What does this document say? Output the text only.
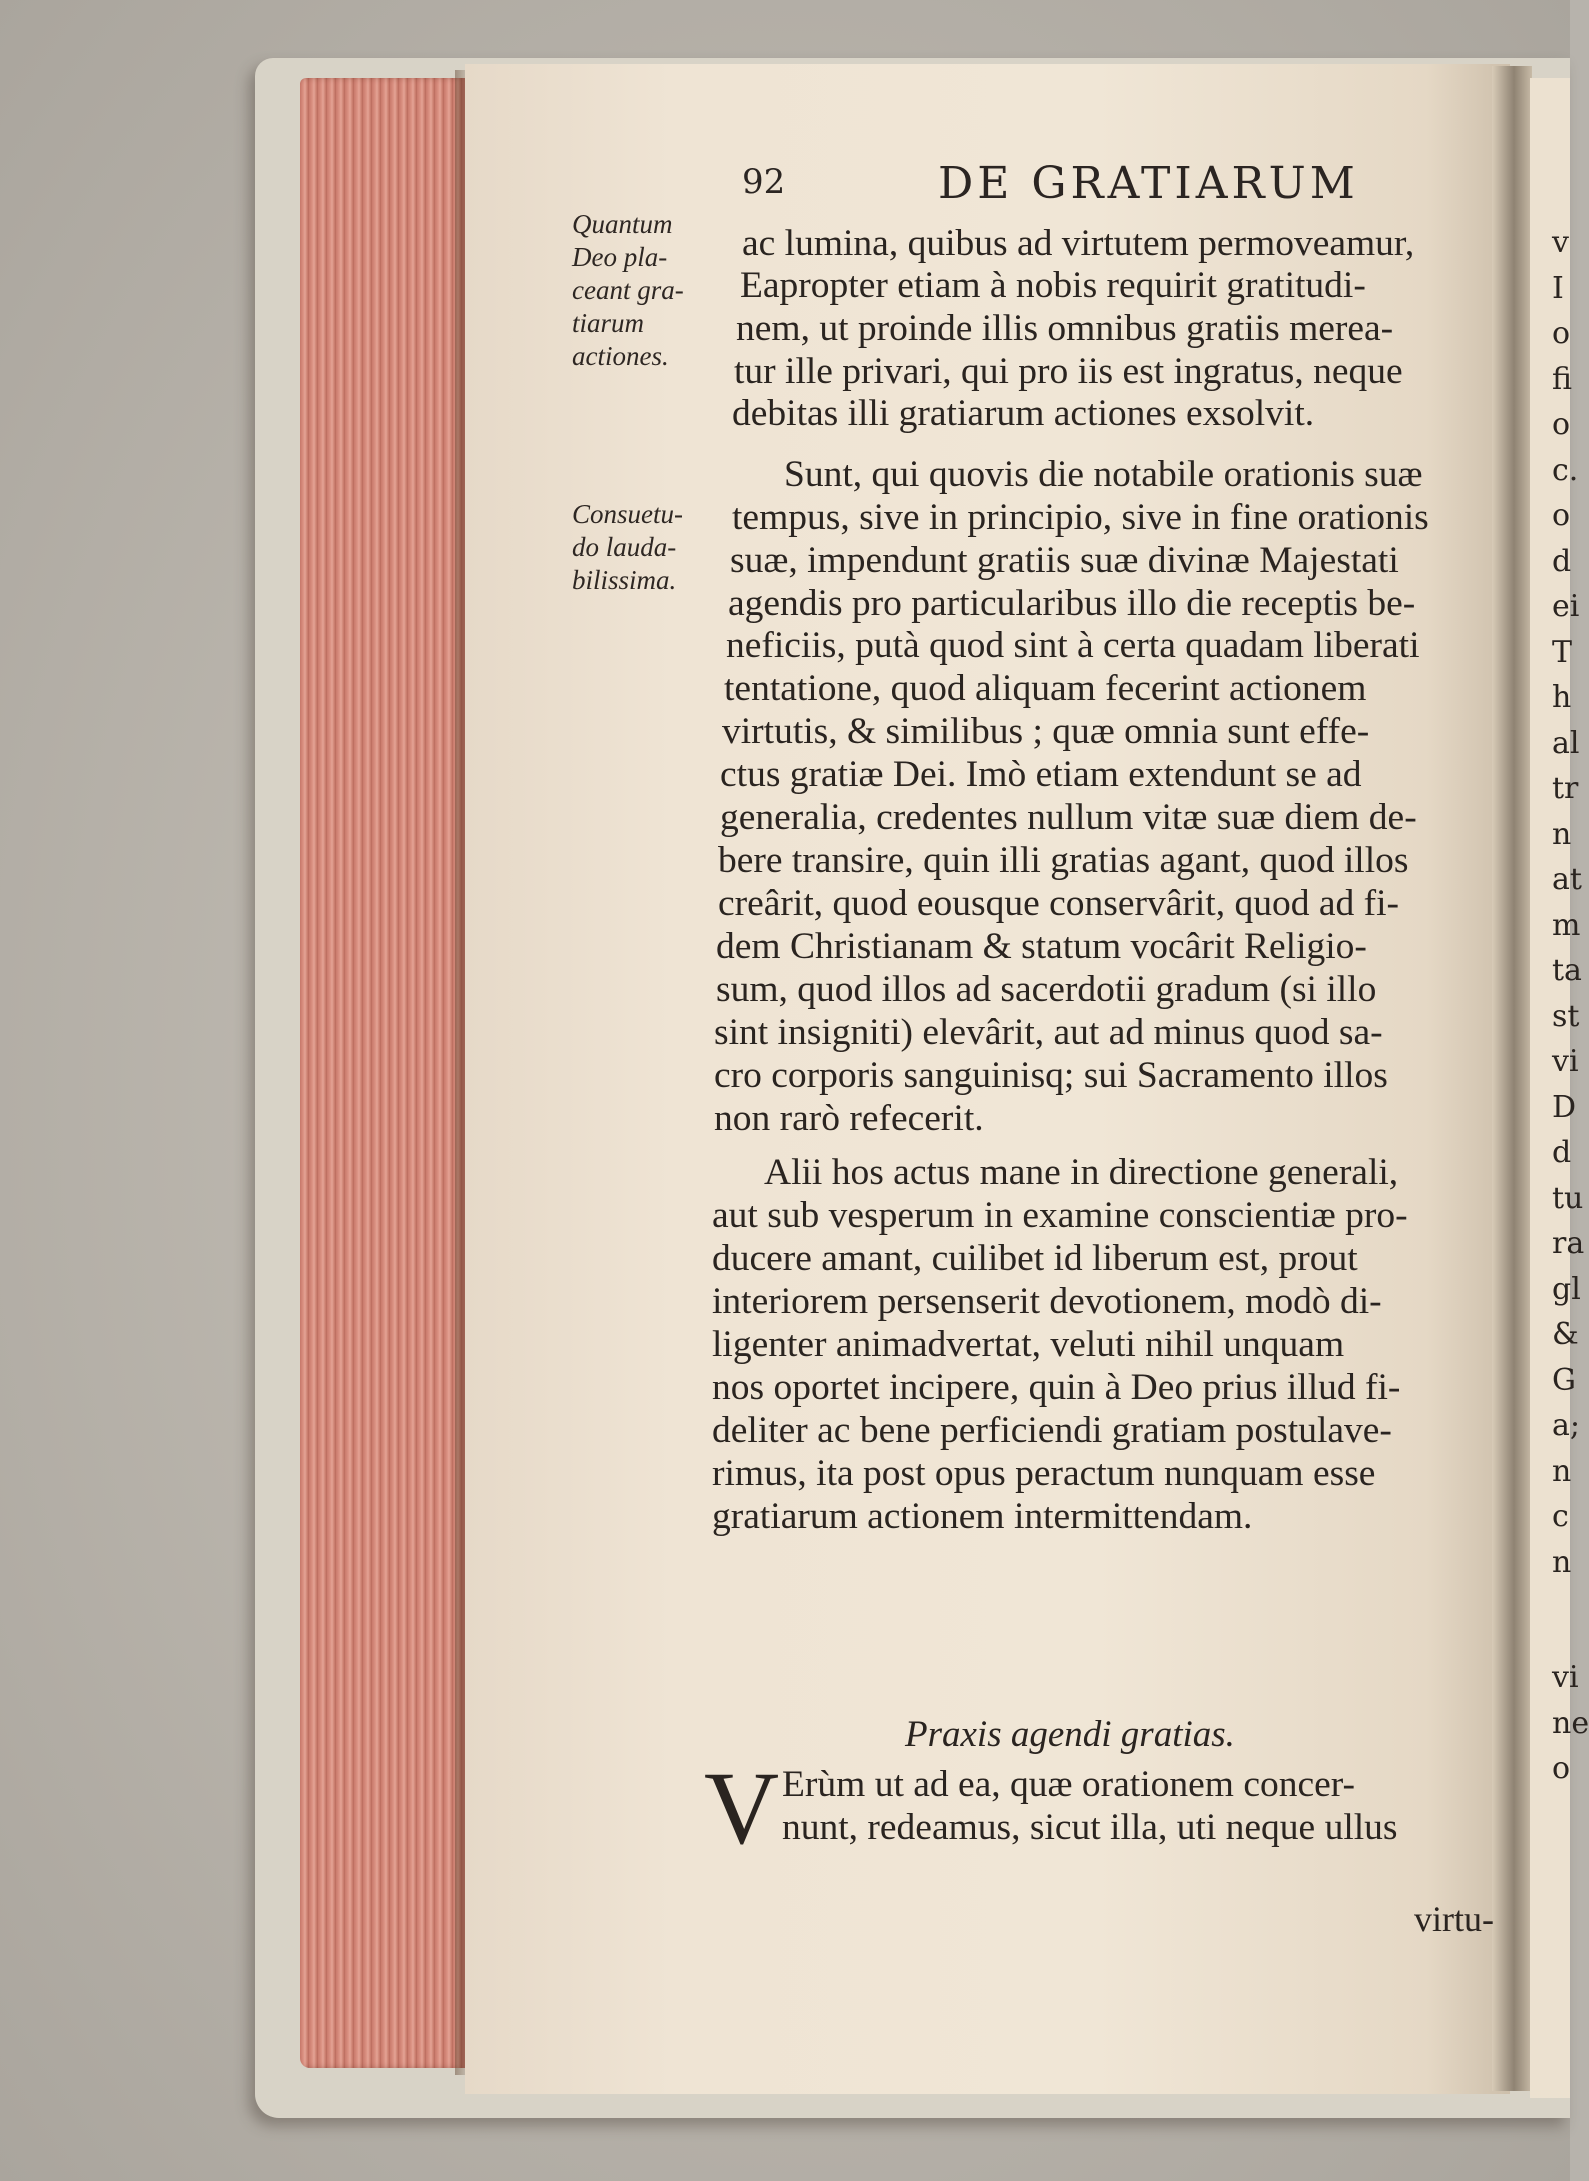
v
I
o
fi
o
c.
o
d
ei
T
h
al
tr
n
at
m
ta
st
vi
D
d
tu
ra
gl
&
G
a;
n
c
n
vi
ne
o
92	DE GRATIARUM
Quantum
Deo pla-
ceant gra-
tiarum
actiones.
Consuetu-
do laudа-
bilissima.
ac lumina, quibus ad virtutem permoveamur,
Eapropter etiam à nobis requirit gratitudi-
nem, ut proinde illis omnibus gratiis merea-
tur ille privari, qui pro iis est ingratus, neque
debitas illi gratiarum actiones exsolvit.
Sunt, qui quovis die notabile orationis suæ
tempus, sive in principio, sive in fine orationis
suæ, impendunt gratiis suæ divinæ Majestati
agendis pro particularibus illo die receptis be-
neficiis, putà quod sint à certa quadam liberati
tentatione, quod aliquam fecerint actionem
virtutis, & similibus ; quæ omnia sunt effe-
ctus gratiæ Dei. Imò etiam extendunt se ad
generalia, credentes nullum vitæ suæ diem de-
bere transire, quin illi gratias agant, quod illos
creârit, quod eousque conservârit, quod ad fi-
dem Christianam & statum vocârit Religio-
sum, quod illos ad sacerdotii gradum (si illo
sint insigniti) elevârit, aut ad minus quod sa-
cro corporis sanguinisq; sui Sacramento illos
non rarò refecerit.
Alii hos actus mane in directione generali,
aut sub vesperum in examine conscientiæ pro-
ducere amant, cuilibet id liberum est, prout
interiorem persenserit devotionem, modò di-
ligenter animadvertat, veluti nihil unquam
nos oportet incipere, quin à Deo prius illud fi-
deliter ac bene perficiendi gratiam postulave-
rimus, ita post opus peractum nunquam esse
gratiarum actionem intermittendam.
Praxis agendi gratias.
V Erùm ut ad ea, quæ orationem concer-
nunt, redeamus, sicut illa, uti neque ullus
virtu-
